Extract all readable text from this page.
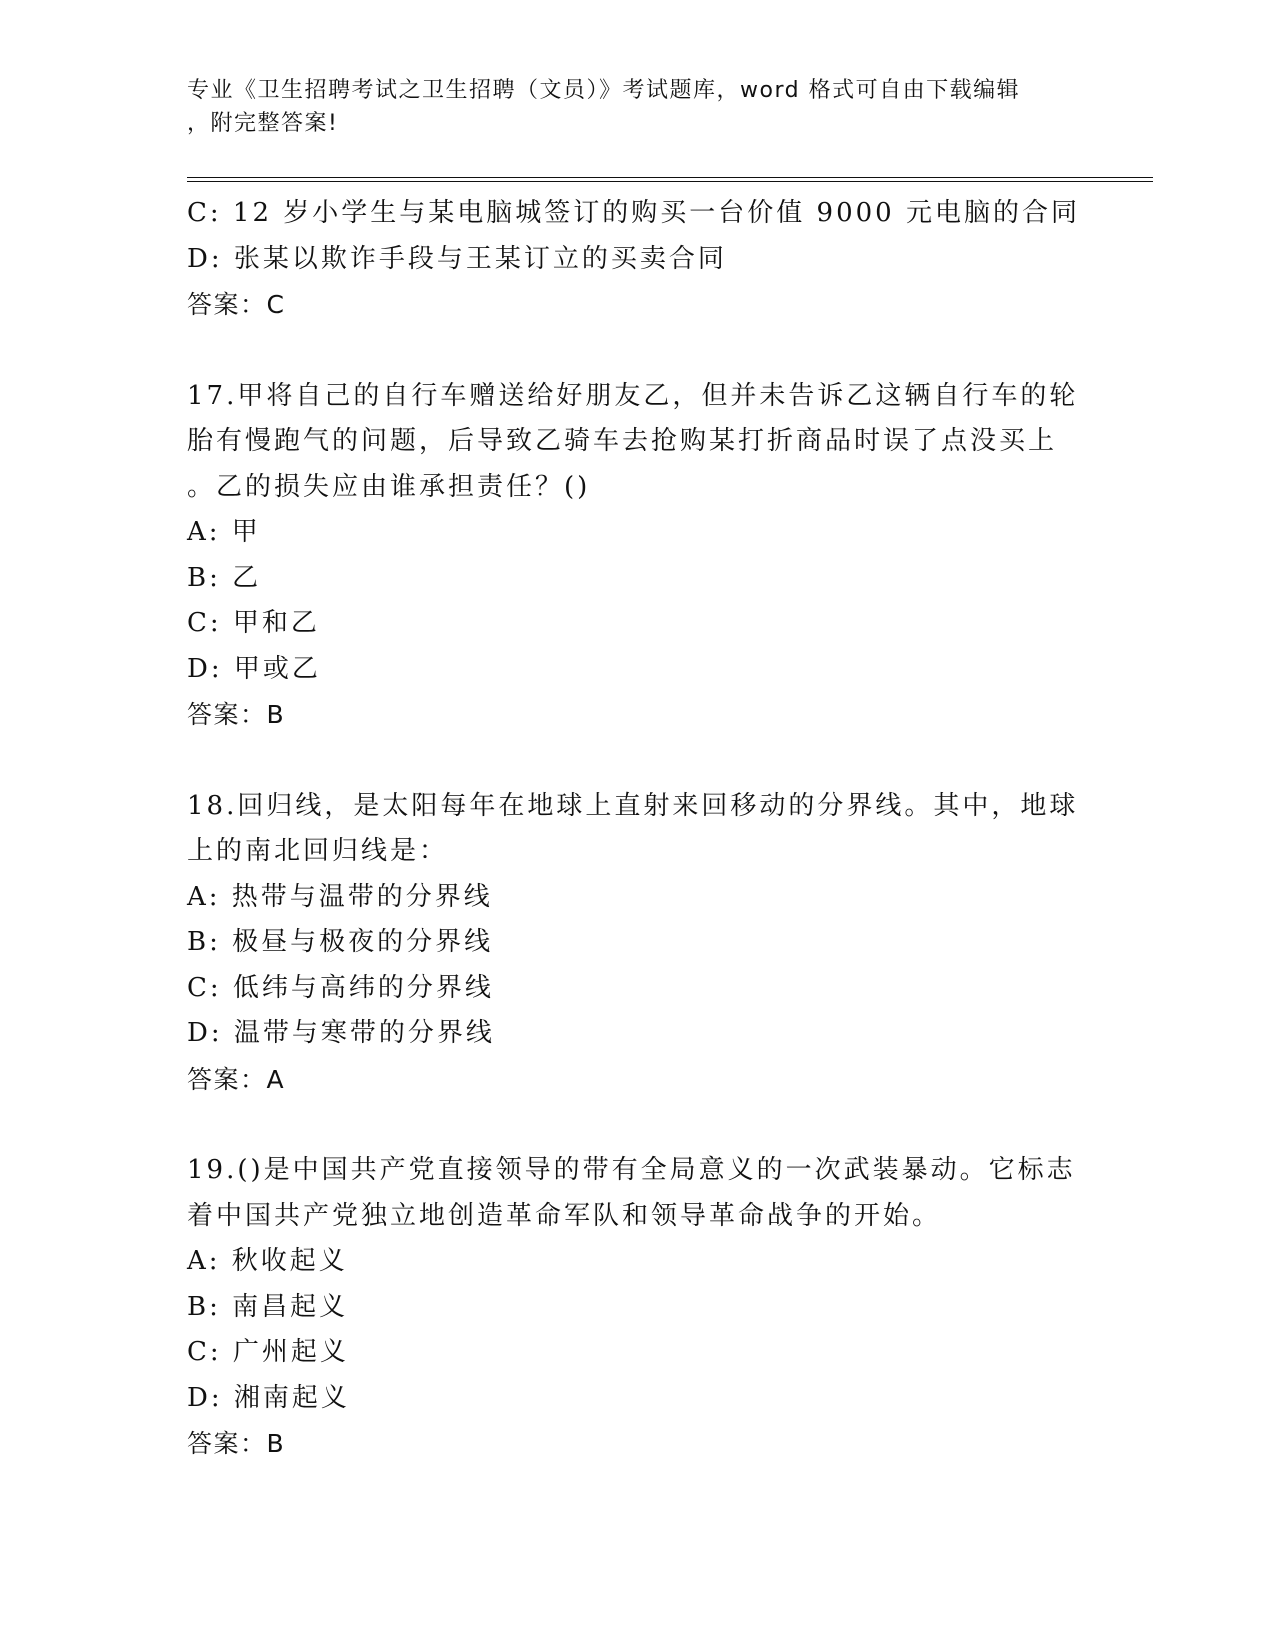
专业《卫生招聘考试之卫生招聘（文员）》考试题库，word 格式可自由下载编辑
，附完整答案!
C: 12 岁小学生与某电脑城签订的购买一台价值 9000 元电脑的合同
D: 张某以欺诈手段与王某订立的买卖合同
答案：C
17.甲将自己的自行车赠送给好朋友乙，但并未告诉乙这辆自行车的轮
胎有慢跑气的问题，后导致乙骑车去抢购某打折商品时误了点没买上
。乙的损失应由谁承担责任？()
A: 甲
B: 乙
C: 甲和乙
D: 甲或乙
答案：B
18.回归线，是太阳每年在地球上直射来回移动的分界线。其中，地球
上的南北回归线是：
A: 热带与温带的分界线
B: 极昼与极夜的分界线
C: 低纬与高纬的分界线
D: 温带与寒带的分界线
答案：A
19.()是中国共产党直接领导的带有全局意义的一次武装暴动。它标志
着中国共产党独立地创造革命军队和领导革命战争的开始。
A: 秋收起义
B: 南昌起义
C: 广州起义
D: 湘南起义
答案：B
